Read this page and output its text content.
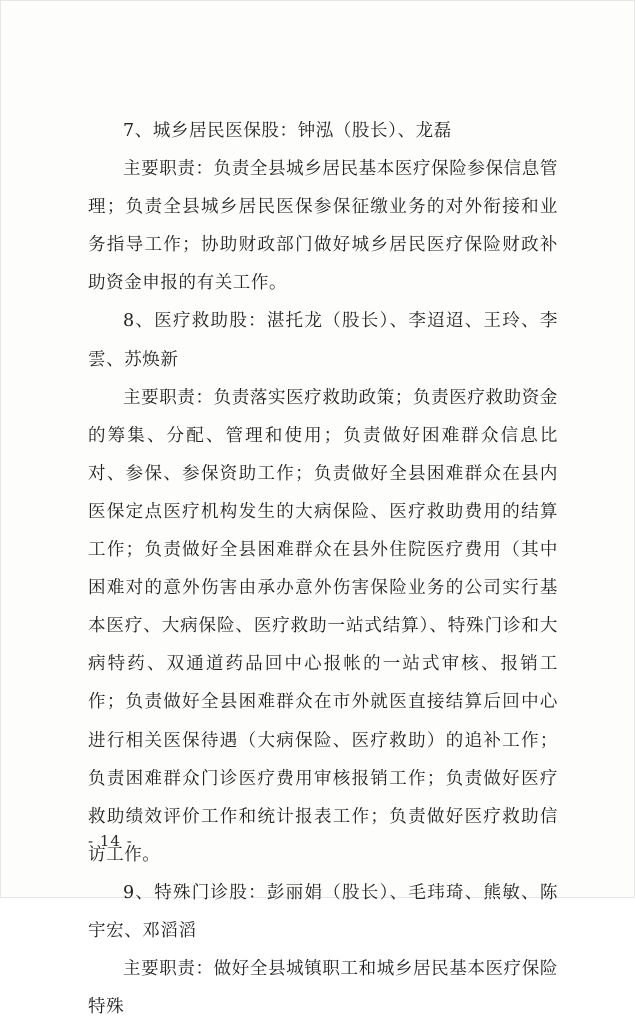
7、城乡居民医保股：钟泓（股长）、龙磊

主要职责：负责全县城乡居民基本医疗保险参保信息管理；负责全县城乡居民医保参保征缴业务的对外衔接和业务指导工作；协助财政部门做好城乡居民医疗保险财政补助资金申报的有关工作。

8、医疗救助股：湛托龙（股长）、李迢迢、王玲、李雲、苏焕新

主要职责：负责落实医疗救助政策；负责医疗救助资金的筹集、分配、管理和使用；负责做好困难群众信息比对、参保、参保资助工作；负责做好全县困难群众在县内医保定点医疗机构发生的大病保险、医疗救助费用的结算工作；负责做好全县困难群众在县外住院医疗费用（其中困难对的意外伤害由承办意外伤害保险业务的公司实行基本医疗、大病保险、医疗救助一站式结算）、特殊门诊和大病特药、双通道药品回中心报帐的一站式审核、报销工作；负责做好全县困难群众在市外就医直接结算后回中心进行相关医保待遇（大病保险、医疗救助）的追补工作；负责困难群众门诊医疗费用审核报销工作；负责做好医疗救助绩效评价工作和统计报表工作；负责做好医疗救助信访工作。

9、特殊门诊股：彭丽娟（股长）、毛玮琦、熊敏、陈宇宏、邓滔滔

主要职责：做好全县城镇职工和城乡居民基本医疗保险特殊

- 14 -
